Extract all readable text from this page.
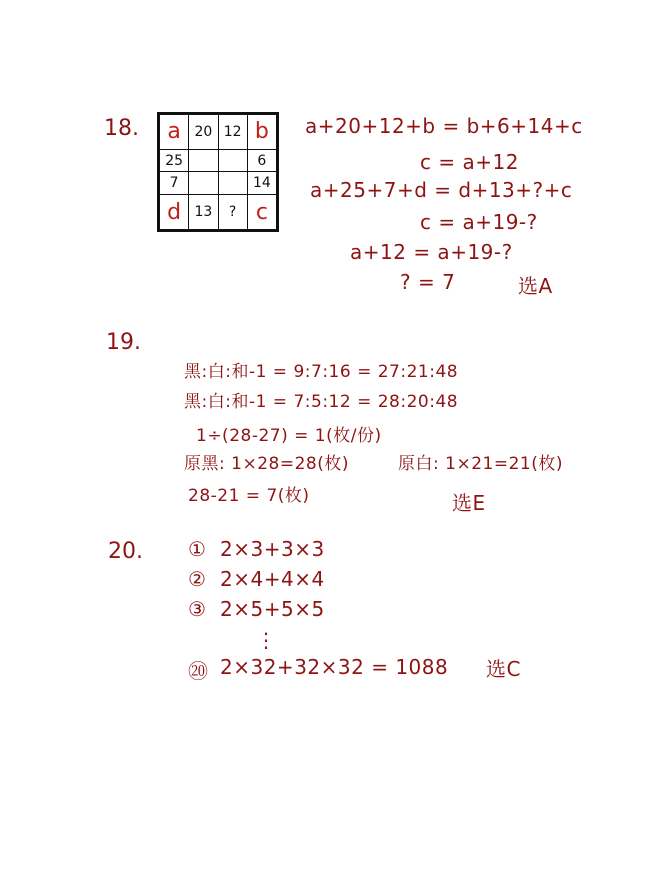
18. a	20	12	b
25			6
7			14
d	13	?	c
a+20+12+b = b+6+14+c
c = a+12
a+25+7+d = d+13+?+c
c = a+19-?
a+12 = a+19-?
? = 7	选A
19.
黑:白:和-1 = 9:7:16 = 27:21:48
黑:白:和-1 = 7:5:12 = 28:20:48
1÷(28-27) = 1(枚/份)
原黑: 1×28=28(枚)	原白: 1×21=21(枚)
28-21 = 7(枚)	选E
20. ① 2×3+3×3
② 2×4+4×4
③ 2×5+5×5
⋮
⑳ 2×32+32×32 = 1088 选C
